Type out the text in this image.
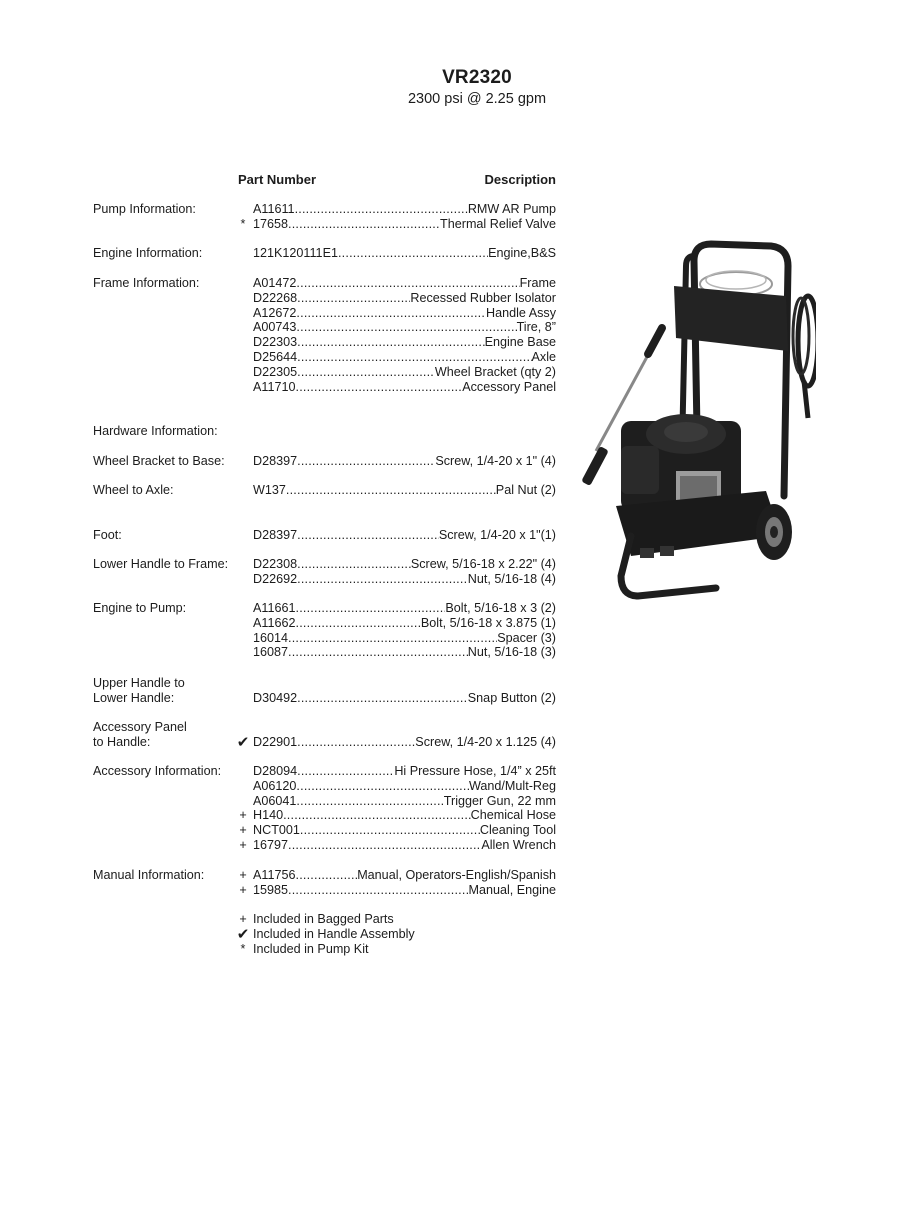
VR2320
2300 psi @ 2.25 gpm
Part Number	Description
Pump Information:	A11611 .....	RMW AR Pump
* 17658 .....	Thermal Relief Valve
Engine Information:	121K120111E1 .....	Engine,B&S
Frame Information:	A01472 .....	Frame
D22268 .....	Recessed Rubber Isolator
A12672 .....	Handle Assy
A00743 .....	Tire, 8”
D22303 .....	Engine Base
D25644 .....	Axle
D22305 .....	Wheel Bracket (qty 2)
A11710 .....	Accessory Panel
Hardware Information:
Wheel Bracket to Base: D28397 .....	Screw, 1/4-20 x 1" (4)
Wheel to Axle:	W137 .....	Pal Nut (2)
Foot:	D28397 .....	Screw, 1/4-20 x 1"(1)
Lower Handle to Frame: D22308 .....	Screw, 5/16-18 x 2.22" (4)
D22692 .....	Nut, 5/16-18 (4)
Engine to Pump:	A11661 .....	Bolt, 5/16-18 x 3 (2)
A11662 .....	Bolt, 5/16-18 x 3.875 (1)
16014 .....	Spacer (3)
16087 .....	Nut, 5/16-18 (3)
Upper Handle to
Lower Handle:	D30492 .....	Snap Button (2)
Accessory Panel
to Handle:	✔ D22901 .....	Screw, 1/4-20 x 1.125 (4)
Accessory Information:	D28094 .....	Hi Pressure Hose, 1/4” x 25ft
A06120 .....	Wand/Mult-Reg
A06041 .....	Trigger Gun, 22 mm
+ H140 .....	Chemical Hose
+ NCT001 .....	Cleaning Tool
+ 16797 .....	Allen Wrench
Manual Information:	+ A11756 .....	Manual, Operators-English/Spanish
+ 15985 .....	Manual, Engine
+ Included in Bagged Parts
✔ Included in Handle Assembly
* Included in Pump Kit
